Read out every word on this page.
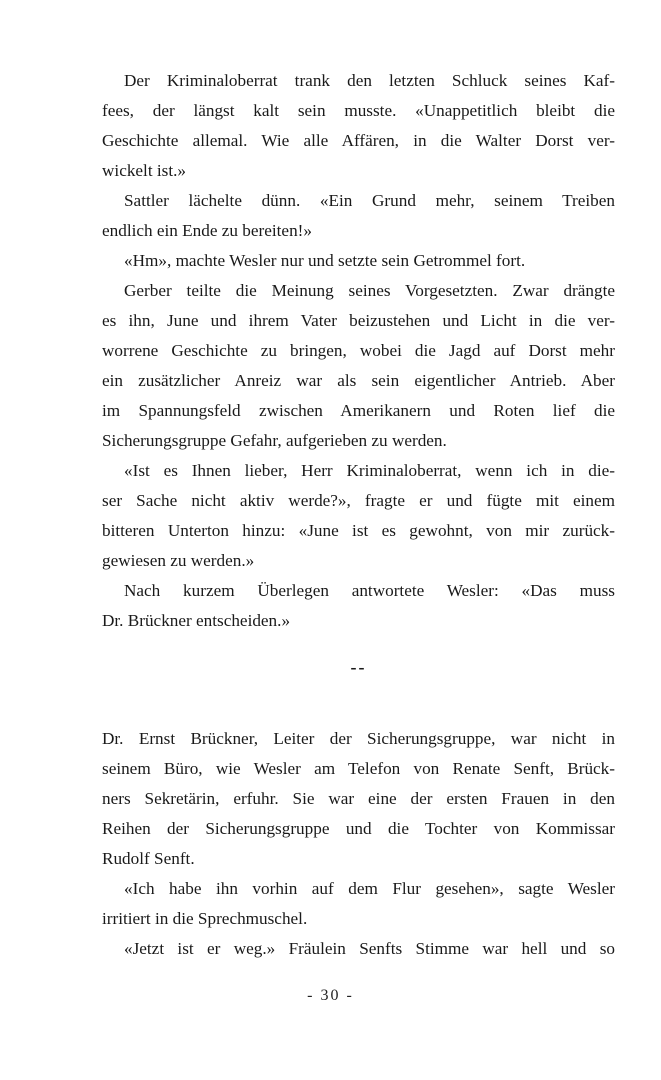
Der Kriminaloberrat trank den letzten Schluck seines Kaf-
fees, der längst kalt sein musste. «Unappetitlich bleibt die
Geschichte allemal. Wie alle Affären, in die Walter Dorst ver-
wickelt ist.»
Sattler lächelte dünn. «Ein Grund mehr, seinem Treiben
endlich ein Ende zu bereiten!»
«Hm», machte Wesler nur und setzte sein Getrommel fort.
Gerber teilte die Meinung seines Vorgesetzten. Zwar drängte
es ihn, June und ihrem Vater beizustehen und Licht in die ver-
worrene Geschichte zu bringen, wobei die Jagd auf Dorst mehr
ein zusätzlicher Anreiz war als sein eigentlicher Antrieb. Aber
im Spannungsfeld zwischen Amerikanern und Roten lief die
Sicherungsgruppe Gefahr, aufgerieben zu werden.
«Ist es Ihnen lieber, Herr Kriminaloberrat, wenn ich in die-
ser Sache nicht aktiv werde?», fragte er und fügte mit einem
bitteren Unterton hinzu: «June ist es gewohnt, von mir zurück-
gewiesen zu werden.»
Nach kurzem Überlegen antwortete Wesler: «Das muss
Dr. Brückner entscheiden.»
--
Dr. Ernst Brückner, Leiter der Sicherungsgruppe, war nicht in
seinem Büro, wie Wesler am Telefon von Renate Senft, Brück-
ners Sekretärin, erfuhr. Sie war eine der ersten Frauen in den
Reihen der Sicherungsgruppe und die Tochter von Kommissar
Rudolf Senft.
«Ich habe ihn vorhin auf dem Flur gesehen», sagte Wesler
irritiert in die Sprechmuschel.
«Jetzt ist er weg.» Fräulein Senfts Stimme war hell und so
- 30 -
